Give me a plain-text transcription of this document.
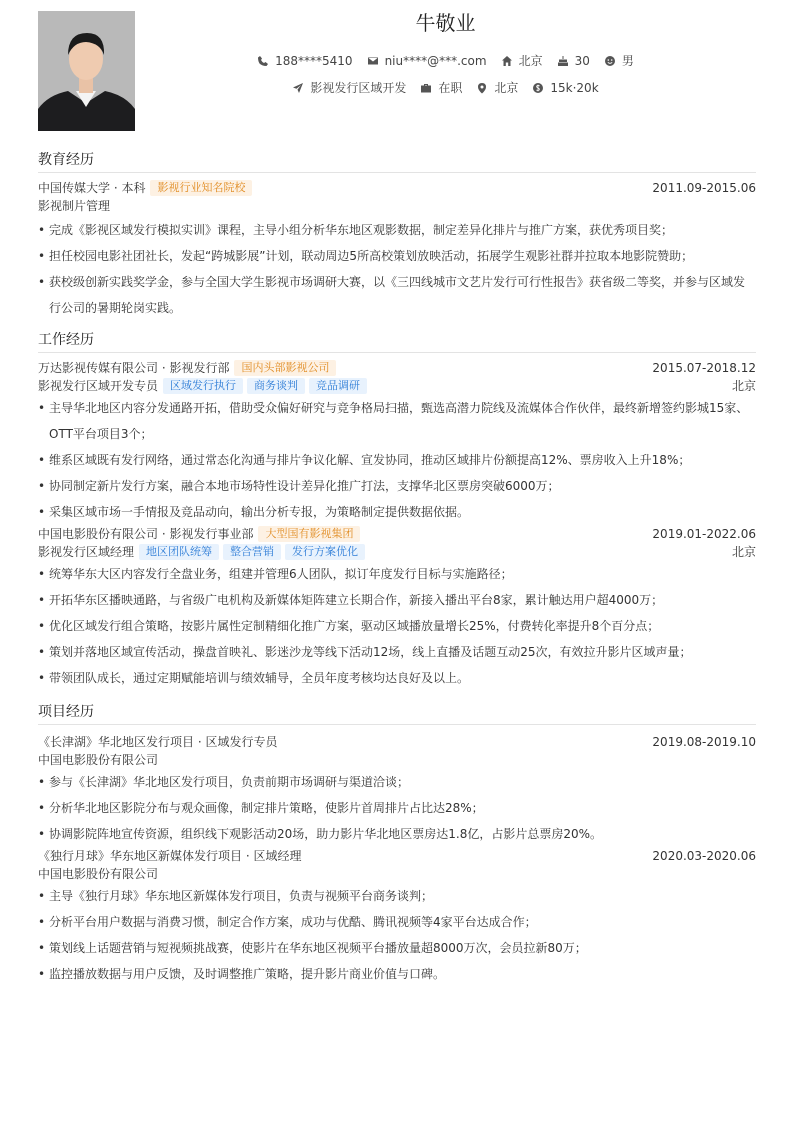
牛敬业
188****5410	niu****@***.com	北京	30	男
影视发行区域开发	在职	北京	15k·20k
教育经历
中国传媒大学 · 本科	影视行业知名院校	2011.09-2015.06
影视制片管理
• 完成《影视区域发行模拟实训》课程，主导小组分析华东地区观影数据，制定差异化排片与推广方案，获优秀项目奖；
• 担任校园电影社团社长，发起“跨城影展”计划，联动周边5所高校策划放映活动，拓展学生观影社群并拉取本地影院赞助；
• 获校级创新实践奖学金，参与全国大学生影视市场调研大赛，以《三四线城市文艺片发行可行性报告》获省级二等奖，并参与区域发行公司的暑期轮岗实践。
工作经历
万达影视传媒有限公司 · 影视发行部	国内头部影视公司	2015.07-2018.12
影视发行区域开发专员	区域发行执行	商务谈判	竞品调研	北京
• 主导华北地区内容分发通路开拓，借助受众偏好研究与竞争格局扫描，甄选高潜力院线及流媒体合作伙伴，最终新增签约影城15家、OTT平台项目3个；
• 维系区域既有发行网络，通过常态化沟通与排片争议化解、宣发协同，推动区域排片份额提高12%、票房收入上升18%；
• 协同制定新片发行方案，融合本地市场特性设计差异化推广打法，支撑华北区票房突破6000万；
• 采集区域市场一手情报及竞品动向，输出分析专报，为策略制定提供数据依据。
中国电影股份有限公司 · 影视发行事业部	大型国有影视集团	2019.01-2022.06
影视发行区域经理	地区团队统筹	整合营销	发行方案优化	北京
• 统筹华东大区内容发行全盘业务，组建并管理6人团队，拟订年度发行目标与实施路径；
• 开拓华东区播映通路，与省级广电机构及新媒体矩阵建立长期合作，新接入播出平台8家，累计触达用户超4000万；
• 优化区域发行组合策略，按影片属性定制精细化推广方案，驱动区域播放量增长25%，付费转化率提升8个百分点；
• 策划并落地区域宣传活动，操盘首映礼、影迷沙龙等线下活动12场，线上直播及话题互动25次，有效拉升影片区域声量；
• 带领团队成长，通过定期赋能培训与绩效辅导，全员年度考核均达良好及以上。
项目经历
《长津湖》华北地区发行项目 · 区域发行专员	2019.08-2019.10
中国电影股份有限公司
• 参与《长津湖》华北地区发行项目，负责前期市场调研与渠道洽谈；
• 分析华北地区影院分布与观众画像，制定排片策略，使影片首周排片占比达28%；
• 协调影院阵地宣传资源，组织线下观影活动20场，助力影片华北地区票房达1.8亿，占影片总票房20%。
《独行月球》华东地区新媒体发行项目 · 区域经理	2020.03-2020.06
中国电影股份有限公司
• 主导《独行月球》华东地区新媒体发行项目，负责与视频平台商务谈判；
• 分析平台用户数据与消费习惯，制定合作方案，成功与优酷、腾讯视频等4家平台达成合作；
• 策划线上话题营销与短视频挑战赛，使影片在华东地区视频平台播放量超8000万次，会员拉新80万；
• 监控播放数据与用户反馈，及时调整推广策略，提升影片商业价值与口碑。
